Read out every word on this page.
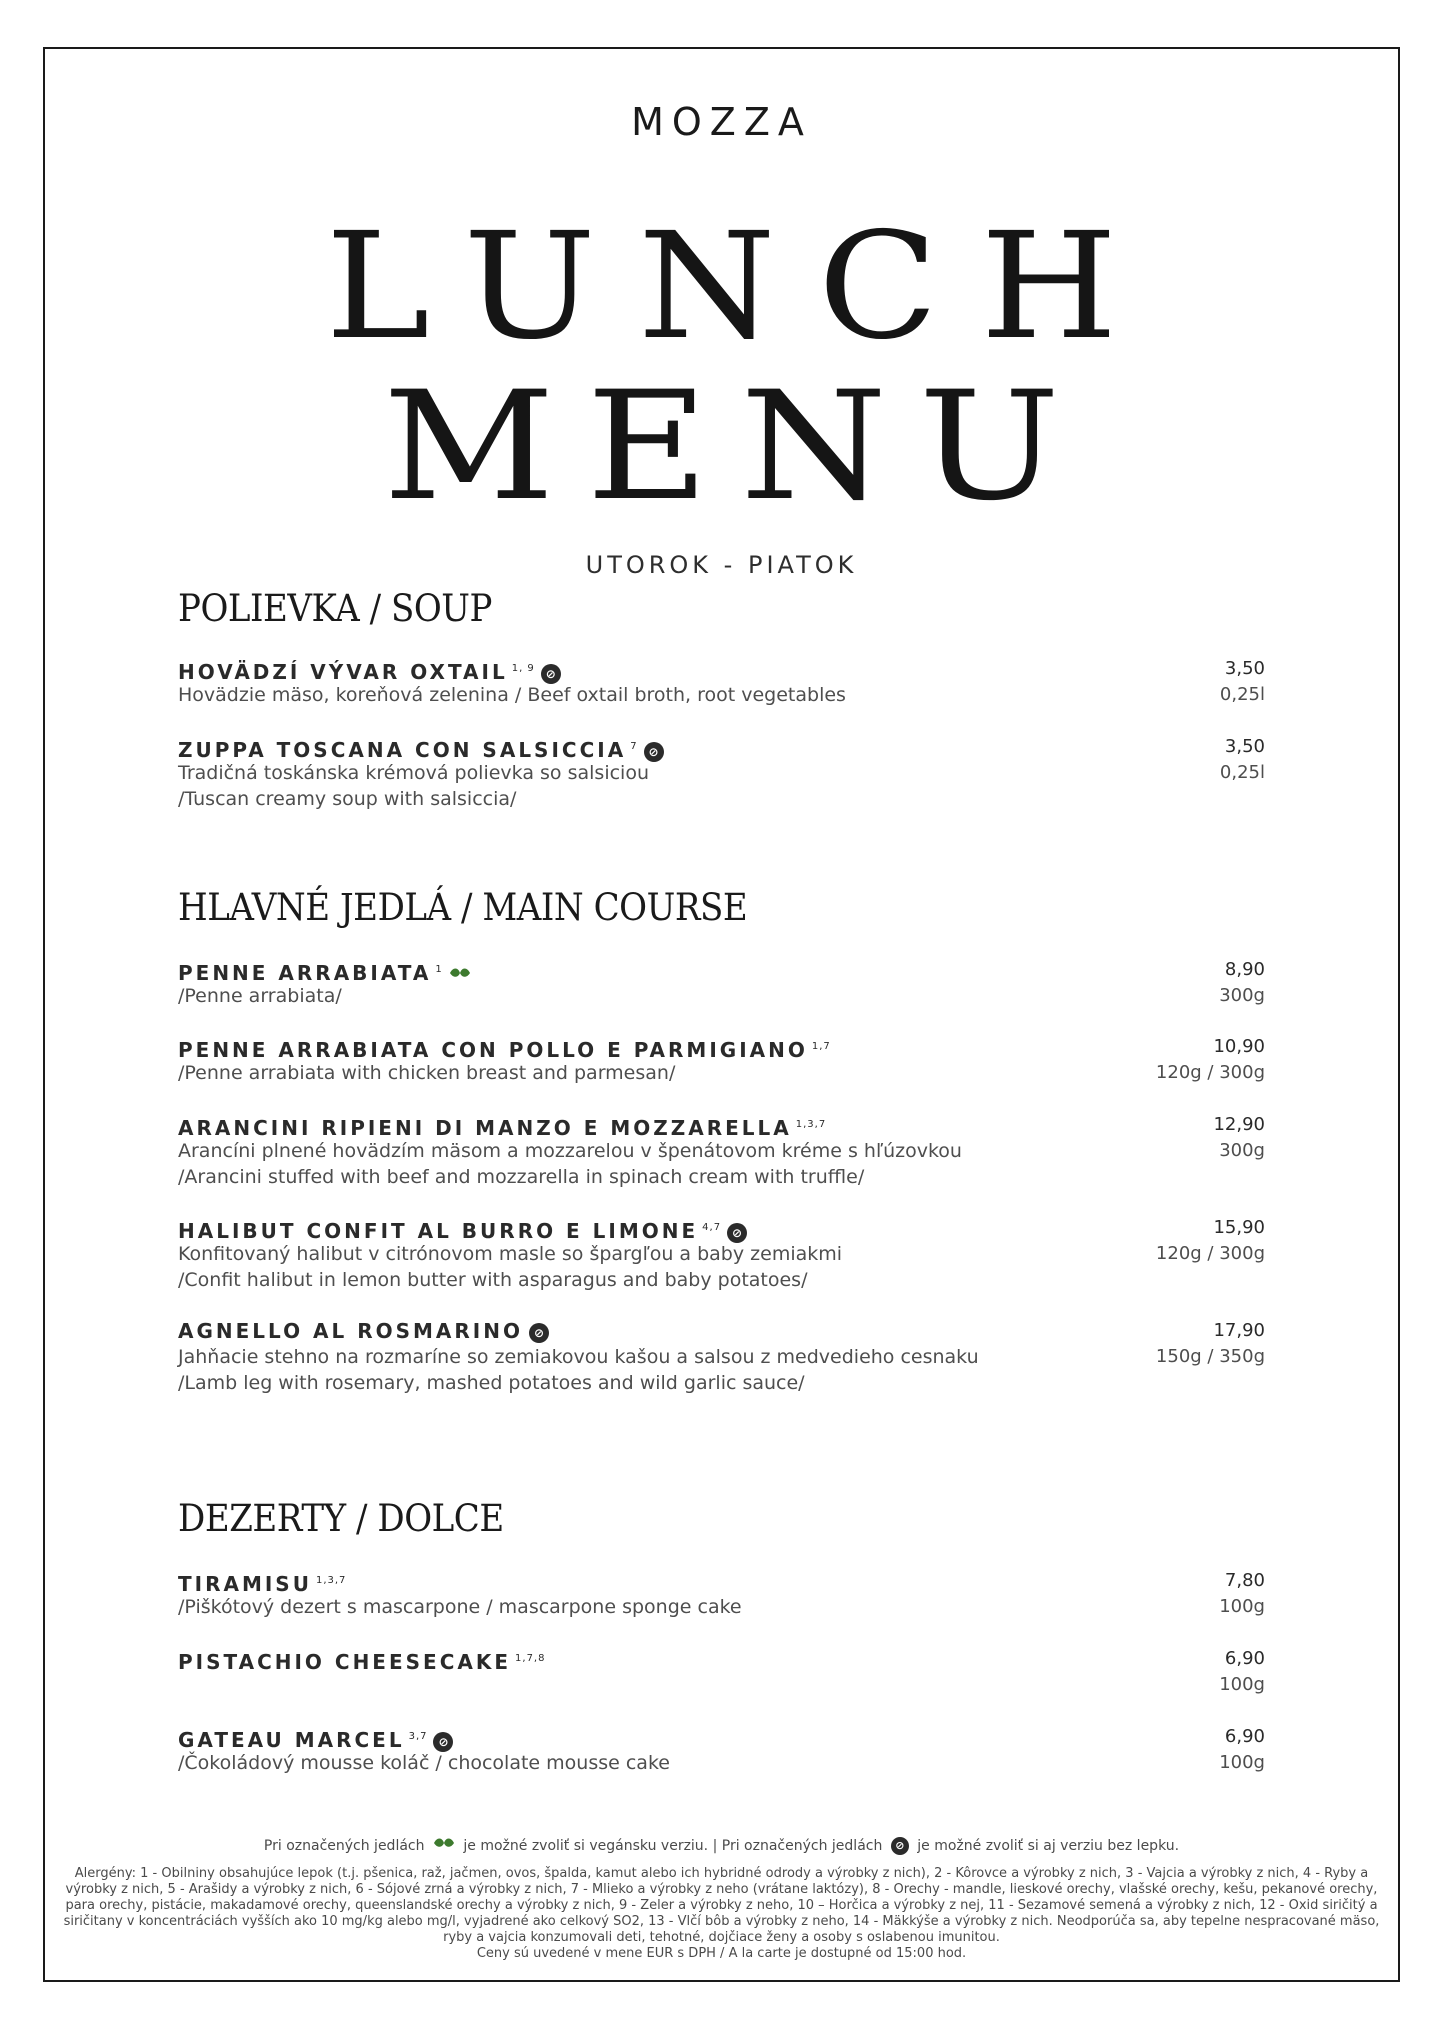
MOZZA
LUNCH
MENU
UTOROK - PIATOK
POLIEVKA / SOUP
HOVÄDZÍ VÝVAR OXTAIL $^{1, 9}$ ⊘
Hovädzie mäso, koreňová zelenina / Beef oxtail broth, root vegetables
3,50
0,25l
ZUPPA TOSCANA CON SALSICCIA $^7$ ⊘
Tradičná toskánska krémová polievka so salsiciou
/Tuscan creamy soup with salsiccia/
3,50
0,25l
HLAVNÉ JEDLÁ / MAIN COURSE
PENNE ARRABIATA $^1$
/Penne arrabiata/
8,90
300g
PENNE ARRABIATA CON POLLO E PARMIGIANO $^{1,7}$
/Penne arrabiata with chicken breast and parmesan/
10,90
120g / 300g
ARANCINI RIPIENI DI MANZO E MOZZARELLA $^{1,3,7}$
Arancíni plnené hovädzím mäsom a mozzarelou v špenátovom kréme s hľúzovkou
/Arancini stuffed with beef and mozzarella in spinach cream with truffle/
12,90
300g
HALIBUT CONFIT AL BURRO E LIMONE $^{4,7}$ ⊘
Konfitovaný halibut v citrónovom masle so špargľou a baby zemiakmi
/Confit halibut in lemon butter with asparagus and baby potatoes/
15,90
120g / 300g
AGNELLO AL ROSMARINO ⊘
Jahňacie stehno na rozmaríne so zemiakovou kašou a salsou z medvedieho cesnaku
/Lamb leg with rosemary, mashed potatoes and wild garlic sauce/
17,90
150g / 350g
DEZERTY / DOLCE
TIRAMISU $^{1,3,7}$
/Piškótový dezert s mascarpone / mascarpone sponge cake
7,80
100g
PISTACHIO CHEESECAKE $^{1,7,8}$	6,90
100g
GATEAU MARCEL $^{3,7}$ ⊘
/Čokoládový mousse koláč / chocolate mousse cake
6,90
100g
Pri označených jedlách	je možné zvoliť si vegánsku verziu. | Pri označených jedlách ⊘ je možné zvoliť si aj verziu bez lepku.
Alergény: 1 - Obilniny obsahujúce lepok (t.j. pšenica, raž, jačmen, ovos, špalda, kamut alebo ich hybridné odrody a výrobky z nich), 2 - Kôrovce a výrobky z nich, 3 - Vajcia a výrobky z nich, 4 - Ryby a výrobky z nich, 5 - Arašidy a výrobky z nich, 6 - Sójové zrná a výrobky z nich, 7 - Mlieko a výrobky z neho (vrátane laktózy), 8 - Orechy - mandle, lieskové orechy, vlašské orechy, kešu, pekanové orechy, para orechy, pistácie, makadamové orechy, queenslandské orechy a výrobky z nich, 9 - Zeler a výrobky z neho, 10 – Horčica a výrobky z nej, 11 - Sezamové semená a výrobky z nich, 12 - Oxid siričitý a siričitany v koncentráciách vyšších ako 10 mg/kg alebo mg/l, vyjadrené ako celkový SO2, 13 - Vlčí bôb a výrobky z neho, 14 - Mäkkýše a výrobky z nich. Neodporúča sa, aby tepelne nespracované mäso, ryby a vajcia konzumovali deti, tehotné, dojčiace ženy a osoby s oslabenou imunitou.
Ceny sú uvedené v mene EUR s DPH / A la carte je dostupné od 15:00 hod.
